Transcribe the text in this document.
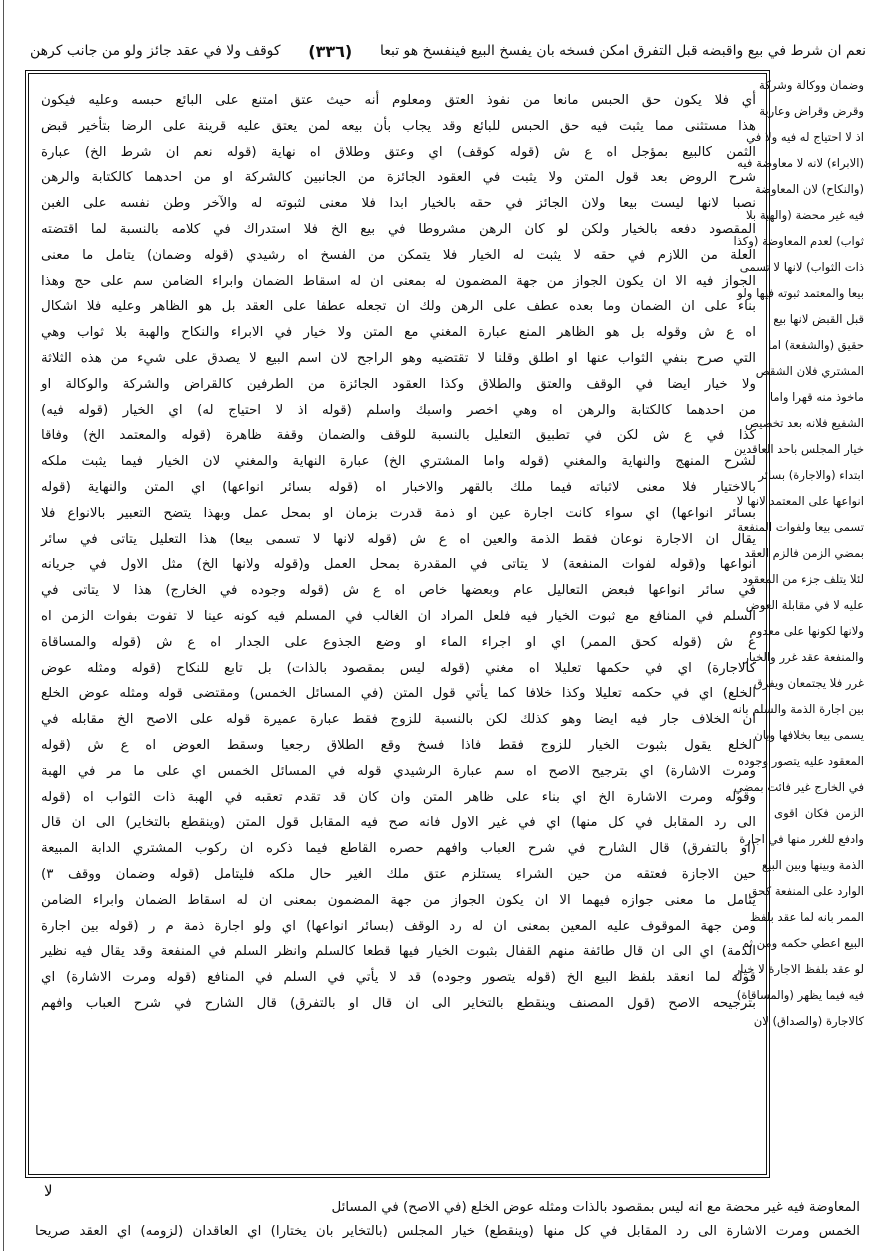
نعم ان شرط في بيع واقبضه قبل التفرق امكن فسخه بان يفسخ البيع فينفسخ هو تبعا
(٣٣٦)
كوقف ولا في عقد جائز ولو من جانب كرهن
أي فلا يكون حق الحبس مانعا من نفوذ العتق ومعلوم أنه حيث عتق امتنع على البائع حبسه وعليه فيكون
هذا مستثنى مما يثبت فيه حق الحبس للبائع وقد يجاب بأن بيعه لمن يعتق عليه قرينة على الرضا بتأخير قبض
الثمن كالبيع بمؤجل اه ع ش (قوله كوقف) اي وعتق وطلاق اه نهاية (قوله نعم ان شرط الخ) عبارة
شرح الروض بعد قول المتن ولا يثبت في العقود الجائزة من الجانبين كالشركة او من احدهما كالكتابة والرهن
نصبا لانها ليست بيعا ولان الجائز في حقه بالخيار ابدا فلا معنى لثبوته له والآخر وطن نفسه على الغبن
المقصود دفعه بالخيار ولكن لو كان الرهن مشروطا في بيع الخ فلا استدراك في كلامه بالنسبة لما اقتضته
العلة من اللازم في حقه لا يثبت له الخيار فلا يتمكن من الفسخ اه رشيدي (قوله وضمان) يتامل ما معنى
الجواز فيه الا ان يكون الجواز من جهة المضمون له بمعنى ان له اسقاط الضمان وابراء الضامن سم على حج وهذا
بناء على ان الضمان وما بعده عطف على الرهن ولك ان تجعله عطفا على العقد بل هو الظاهر وعليه فلا اشكال
اه ع ش وقوله بل هو الظاهر المنع عبارة المغني مع المتن ولا خيار في الابراء والنكاح والهبة بلا ثواب وهي
التي صرح بنفي الثواب عنها او اطلق وقلنا لا تقتضيه وهو الراجح لان اسم البيع لا يصدق على شيء من هذه الثلاثة
ولا خيار ايضا في الوقف والعتق والطلاق وكذا العقود الجائزة من الطرفين كالقراض والشركة والوكالة او
من احدهما كالكتابة والرهن اه وهي اخصر واسبك واسلم (قوله اذ لا احتياج له) اي الخيار (قوله فيه)
كذا في ع ش لكن في تطبيق التعليل بالنسبة للوقف والضمان وقفة ظاهرة (قوله والمعتمد الخ) وفاقا
لشرح المنهج والنهاية والمغني (قوله واما المشتري الخ) عبارة النهاية والمغني لان الخيار فيما يثبت ملكه
بالاختيار فلا معنى لاثباته فيما ملك بالقهر والاخبار اه (قوله بسائر انواعها) اي المتن والنهاية (قوله
بسائر انواعها) اي سواء كانت اجارة عين او ذمة قدرت بزمان او بمحل عمل وبهذا يتضح التعبير بالانواع فلا
يقال ان الاجارة نوعان فقط الذمة والعين اه ع ش (قوله لانها لا تسمى بيعا) هذا التعليل يتاتى في سائر
انواعها و(قوله لفوات المنفعة) لا يتاتى في المقدرة بمحل العمل و(قوله ولانها الخ) مثل الاول في جريانه
في سائر انواعها فبعض التعاليل عام وبعضها خاص اه ع ش (قوله وجوده في الخارج) هذا لا يتاتى في
السلم في المنافع مع ثبوت الخيار فيه فلعل المراد ان الغالب في المسلم فيه كونه عينا لا تفوت بفوات الزمن اه
ع ش (قوله كحق الممر) اي او اجراء الماء او وضع الجذوع على الجدار اه ع ش (قوله والمساقاة
كالاجارة) اي في حكمها تعليلا اه مغني (قوله ليس بمقصود بالذات) بل تابع للنكاح (قوله ومثله عوض
الخلع) اي في حكمه تعليلا وكذا خلافا كما يأتي قول المتن (في المسائل الخمس) ومقتضى قوله ومثله عوض الخلع
ان الخلاف جار فيه ايضا وهو كذلك لكن بالنسبة للزوج فقط عبارة عميرة قوله على الاصح الخ مقابله في
الخلع يقول بثبوت الخيار للزوج فقط فاذا فسخ وقع الطلاق رجعيا وسقط العوض اه ع ش (قوله
ومرت الاشارة) اي بترجيح الاصح اه سم عبارة الرشيدي قوله في المسائل الخمس اي على ما مر في الهبة
وقوله ومرت الاشارة الخ اي بناء على ظاهر المتن وان كان قد تقدم تعقبه في الهبة ذات الثواب اه (قوله
الى رد المقابل في كل منها) اي في غير الاول فانه صح فيه المقابل قول المتن (وينقطع بالتخاير) الى ان قال
(او بالتفرق) قال الشارح في شرح العباب وافهم حصره القاطع فيما ذكره ان ركوب المشتري الدابة المبيعة
حين الاجازة فعتقه من حين الشراء يستلزم عتق ملك الغير حال ملكه فليتامل (قوله وضمان ووقف ٣)
يتامل ما معنى جوازه فيهما الا ان يكون الجواز من جهة المضمون بمعنى ان له اسقاط الضمان وابراء الضامن
ومن جهة الموقوف عليه المعين بمعنى ان له رد الوقف (بسائر انواعها) اي ولو اجارة ذمة م ر (قوله بين اجارة
الذمة) اي الى ان قال طائفة منهم القفال بثبوت الخيار فيها قطعا كالسلم وانظر السلم في المنفعة وقد يقال فيه نظير
قوله لما انعقد بلفظ البيع الخ (قوله يتصور وجوده) قد لا يأتي في السلم في المنافع (قوله ومرت الاشارة) اي
بترجيحه الاصح (قول المصنف وينقطع بالتخاير الى ان قال او بالتفرق) قال الشارح في شرح العباب وافهم
وضمان ووكالة وشركة
وقرض وقراض وعارية
اذ لا احتياج له فيه ولا في
(الابراء) لانه لا معاوضة فيه
(والنكاح) لان المعاوضة
فيه غير محضة (والهبة بلا
ثواب) لعدم المعاوضة (وكذا
ذات الثواب) لانها لا تسمى
بيعا والمعتمد ثبوته فيها ولو
قبل القبض لانها بيع
حقيق (والشفعة) اما
المشتري فلان الشقص
ماخوذ منه قهرا واما
الشفيع فلانه بعد تخصيص
خيار المجلس باحد العاقدين
ابتداء (والاجارة) بسائر
انواعها على المعتمد لانها لا
تسمى بيعا ولفوات المنفعة
بمضي الزمن فالزم العقد
لئلا يتلف جزء من المعقود
عليه لا في مقابلة العوض
ولانها لكونها على معدوم
والمنفعة عقد غرر والخيار
غرر فلا يجتمعان ويفرق
بين اجارة الذمة والسلم بانه
يسمى بيعا بخلافها وبان
المعقود عليه يتصور وجوده
في الخارج غير فائت بمضي
الزمن فكان اقوى
وادفع للغرر منها في اجارة
الذمة وبينها وبين البيع
الوارد على المنفعة كحق
الممر بانه لما عقد بلفظ
البيع اعطي حكمه ومن ثم
لو عقد بلفظ الاجارة لا خيار
فيه فيما يظهر (والمساقاة)
كالاجارة (والصداق) لان
المعاوضة فيه غير محضة مع انه ليس بمقصود بالذات ومثله عوض الخلع (في الاصح) في المسائل
الخمس ومرت الاشارة الى رد المقابل في كل منها (وينقطع) خيار المجلس (بالتخاير بان يختارا) اي العاقدان (لزومه) اي العقد صريحا
لا
